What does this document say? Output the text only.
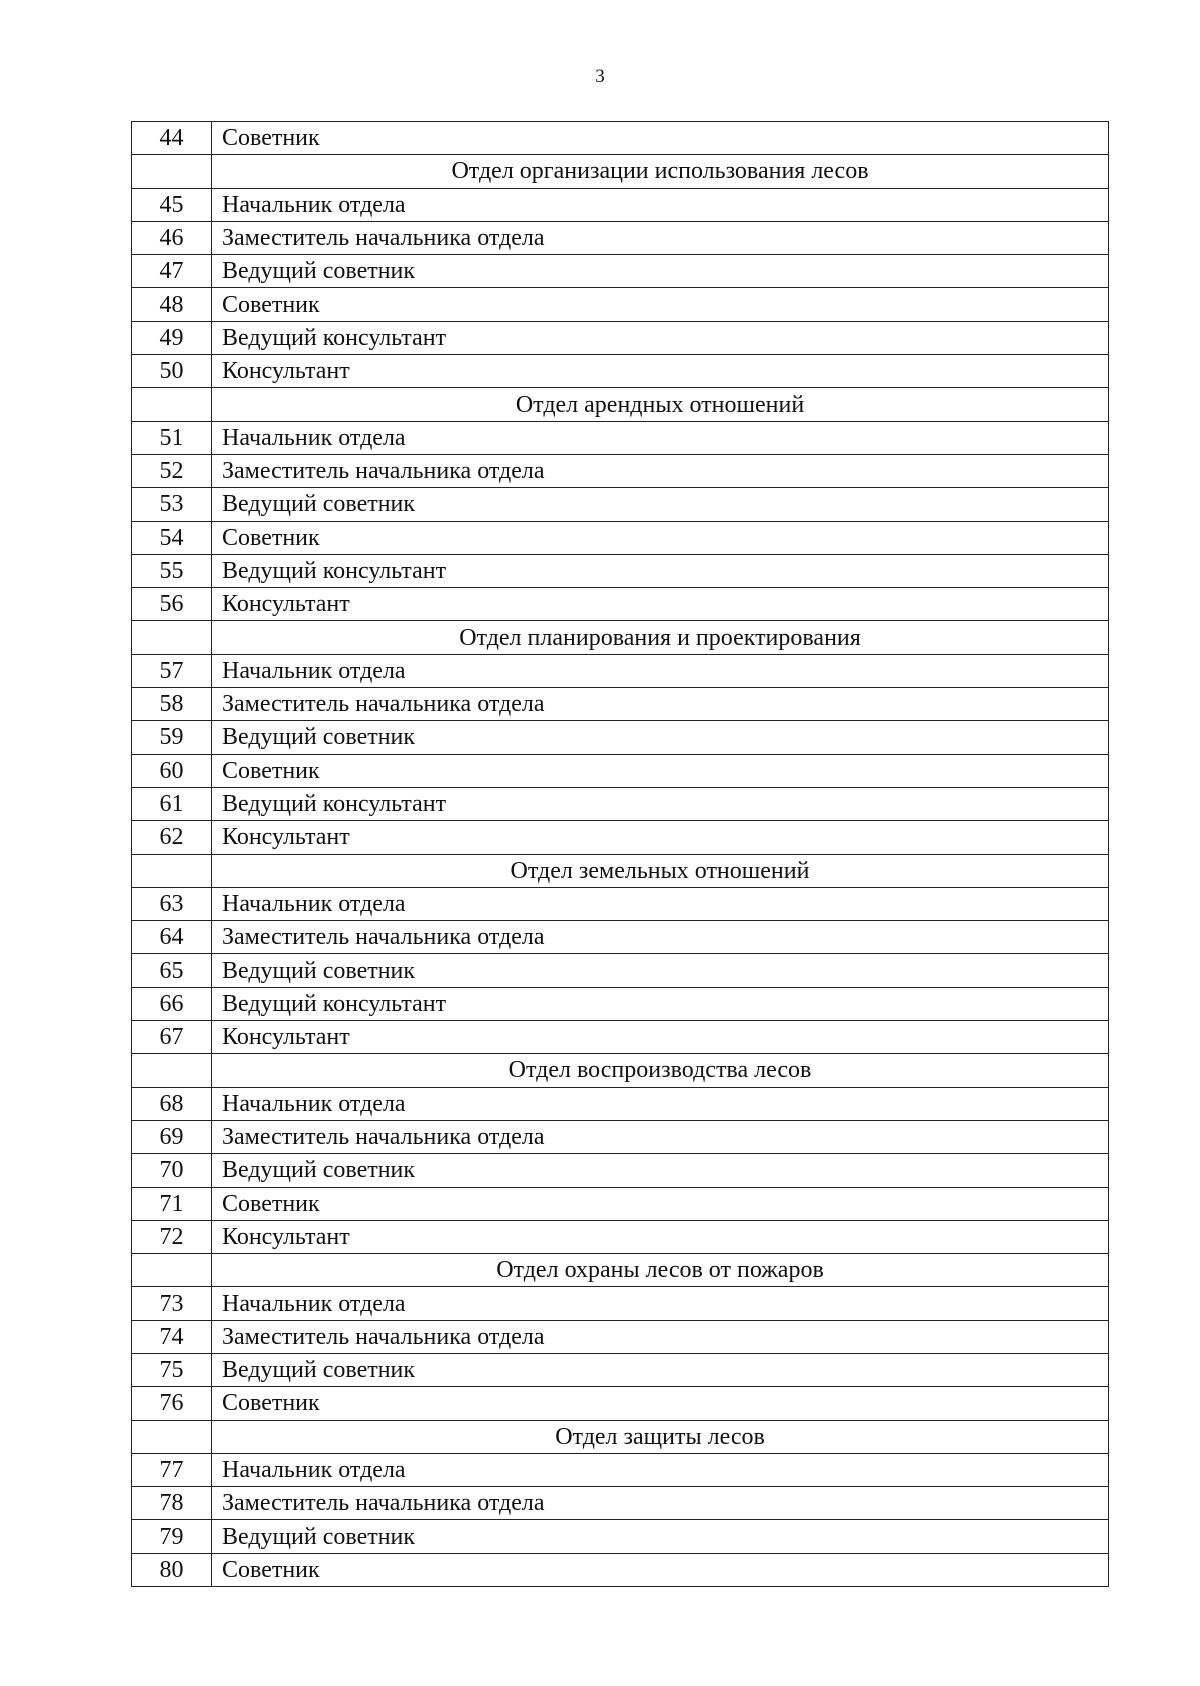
3
44	Советник
	Отдел организации использования лесов
45	Начальник отдела
46	Заместитель начальника отдела
47	Ведущий советник
48	Советник
49	Ведущий консультант
50	Консультант
	Отдел арендных отношений
51	Начальник отдела
52	Заместитель начальника отдела
53	Ведущий советник
54	Советник
55	Ведущий консультант
56	Консультант
	Отдел планирования и проектирования
57	Начальник отдела
58	Заместитель начальника отдела
59	Ведущий советник
60	Советник
61	Ведущий консультант
62	Консультант
	Отдел земельных отношений
63	Начальник отдела
64	Заместитель начальника отдела
65	Ведущий советник
66	Ведущий консультант
67	Консультант
	Отдел воспроизводства лесов
68	Начальник отдела
69	Заместитель начальника отдела
70	Ведущий советник
71	Советник
72	Консультант
	Отдел охраны лесов от пожаров
73	Начальник отдела
74	Заместитель начальника отдела
75	Ведущий советник
76	Советник
	Отдел защиты лесов
77	Начальник отдела
78	Заместитель начальника отдела
79	Ведущий советник
80	Советник
